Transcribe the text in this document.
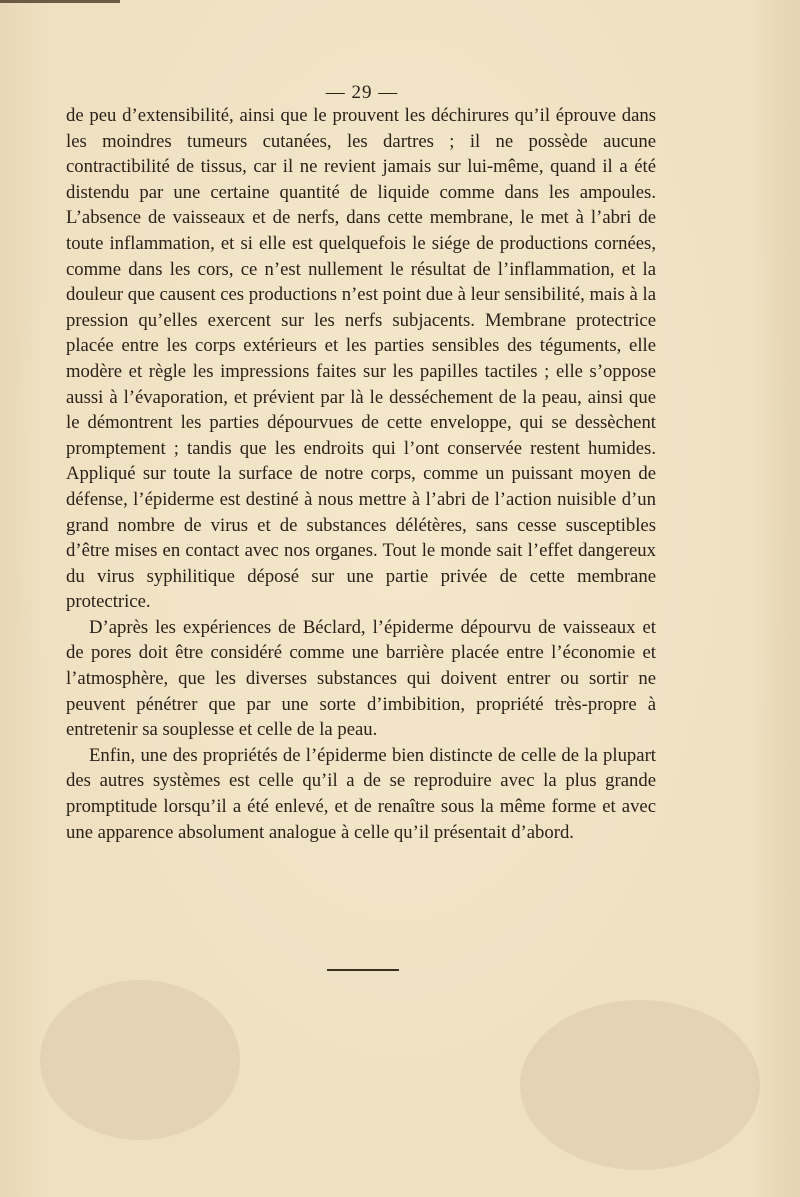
— 29 —

de peu d’extensibilité, ainsi que le prouvent les déchirures qu’il éprouve dans les moindres tumeurs cutanées, les dartres ; il ne possède aucune contractibilité de tissus, car il ne revient jamais sur lui-même, quand il a été distendu par une certaine quantité de liquide comme dans les ampoules. L’absence de vaisseaux et de nerfs, dans cette membrane, le met à l’abri de toute inflammation, et si elle est quelquefois le siége de productions cornées, comme dans les cors, ce n’est nullement le résultat de l’inflammation, et la douleur que causent ces productions n’est point due à leur sensibilité, mais à la pression qu’elles exercent sur les nerfs subjacents. Membrane protectrice placée entre les corps extérieurs et les parties sensibles des téguments, elle modère et règle les impressions faites sur les papilles tactiles ; elle s’oppose aussi à l’évaporation, et prévient par là le desséchement de la peau, ainsi que le démontrent les parties dépourvues de cette enveloppe, qui se dessèchent promptement ; tandis que les endroits qui l’ont conservée restent humides. Appliqué sur toute la surface de notre corps, comme un puissant moyen de défense, l’épiderme est destiné à nous mettre à l’abri de l’action nuisible d’un grand nombre de virus et de substances délétères, sans cesse susceptibles d’être mises en contact avec nos organes. Tout le monde sait l’effet dangereux du virus syphilitique déposé sur une partie privée de cette membrane protectrice.

D’après les expériences de Béclard, l’épiderme dépourvu de vaisseaux et de pores doit être considéré comme une barrière placée entre l’économie et l’atmosphère, que les diverses substances qui doivent entrer ou sortir ne peuvent pénétrer que par une sorte d’imbibition, propriété très-propre à entretenir sa souplesse et celle de la peau.

Enfin, une des propriétés de l’épiderme bien distincte de celle de la plupart des autres systèmes est celle qu’il a de se reproduire avec la plus grande promptitude lorsqu’il a été enlevé, et de renaître sous la même forme et avec une apparence absolument analogue à celle qu’il présentait d’abord.
